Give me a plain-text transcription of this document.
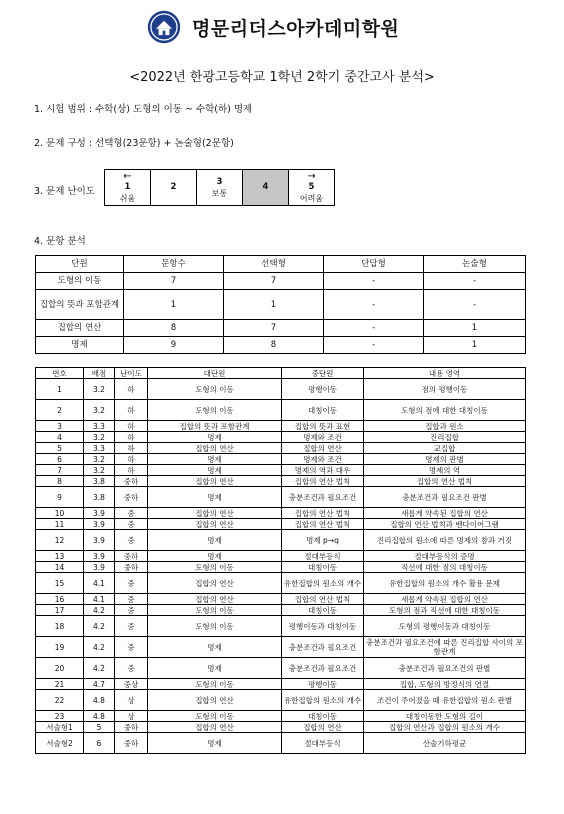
명문리더스아카데미학원
<2022년 한광고등학교 1학년 2학기 중간고사 분석>
1. 시험 범위 : 수학(상) 도형의 이동 ~ 수학(하) 명제
2. 문제 구성 : 선택형(23문항) + 논술형(2문항)
3. 문제 난이도
←
1
쉬움

2

3
보통

4

→
5
어려움
4. 문항 분석
단원	문항수	선택형	단답형	논술형
도형의 이동	7	7	-	-
집합의 뜻과 포함관계	1	1	-	-
집합의 연산	8	7	-	1
명제	9	8	-	1
번호	배점	난이도	대단원	중단원	내용 영역
1	3.2	하	도형의 이동	평행이동	점의 평행이동
2	3.2	하	도형의 이동	대칭이동	도형의 점에 대한 대칭이동
3	3.3	하	집합의 뜻과 포함관계	집합의 뜻과 표현	집합과 원소
4	3.2	하	명제	명제와 조건	진리집합
5	3.3	하	집합의 연산	집합의 연산	교집합
6	3.2	하	명제	명제와 조건	명제의 판별
7	3.2	하	명제	명제의 역과 대우	명제의 역
8	3.8	중하	집합의 연산	집합의 연산 법칙	집합의 연산 법칙
9	3.8	중하	명제	충분조건과 필요조건	충분조건과 필요조건 판별
10	3.9	중	집합의 연산	집합의 연산 법칙	새롭게 약속된 집합의 연산
11	3.9	중	집합의 연산	집합의 연산 법칙	집합의 연산 법칙과 벤다이어그램
12	3.9	중	명제	명제 p→q	진리집합의 원소에 따른 명제의 참과 거짓
13	3.9	중하	명제	절대부등식	절대부등식의 증명
14	3.9	중하	도형의 이동	대칭이동	직선에 대한 점의 대칭이동
15	4.1	중	집합의 연산	유한집합의 원소의 개수	유한집합의 원소의 개수 활용 문제
16	4.1	중	집합의 연산	집합의 연산 법칙	새롭게 약속된 집합의 연산
17	4.2	중	도형의 이동	대칭이동	도형의 점과 직선에 대한 대칭이동
18	4.2	중	도형의 이동	평행이동과 대칭이동	도형의 평행이동과 대칭이동
19	4.2	중	명제	충분조건과 필요조건	충분조건과 필요조건에 따른 진리집합 사이의 포함관계
20	4.2	중	명제	충분조건과 필요조건	충분조건과 필요조건의 판별
21	4.7	중상	도형의 이동	평행이동	집합, 도형의 방정식의 연결
22	4.8	상	집합의 연산	유한집합의 원소의 개수	조건이 주어졌을 때 유한집합의 원소 판별
23	4.8	상	도형의 이동	대칭이동	대칭이동한 도형의 길이
서술형1	5	중하	집합의 연산	집합의 연산	집합의 연산과 집합의 원소의 개수
서술형2	6	중하	명제	절대부등식	산술기하평균
